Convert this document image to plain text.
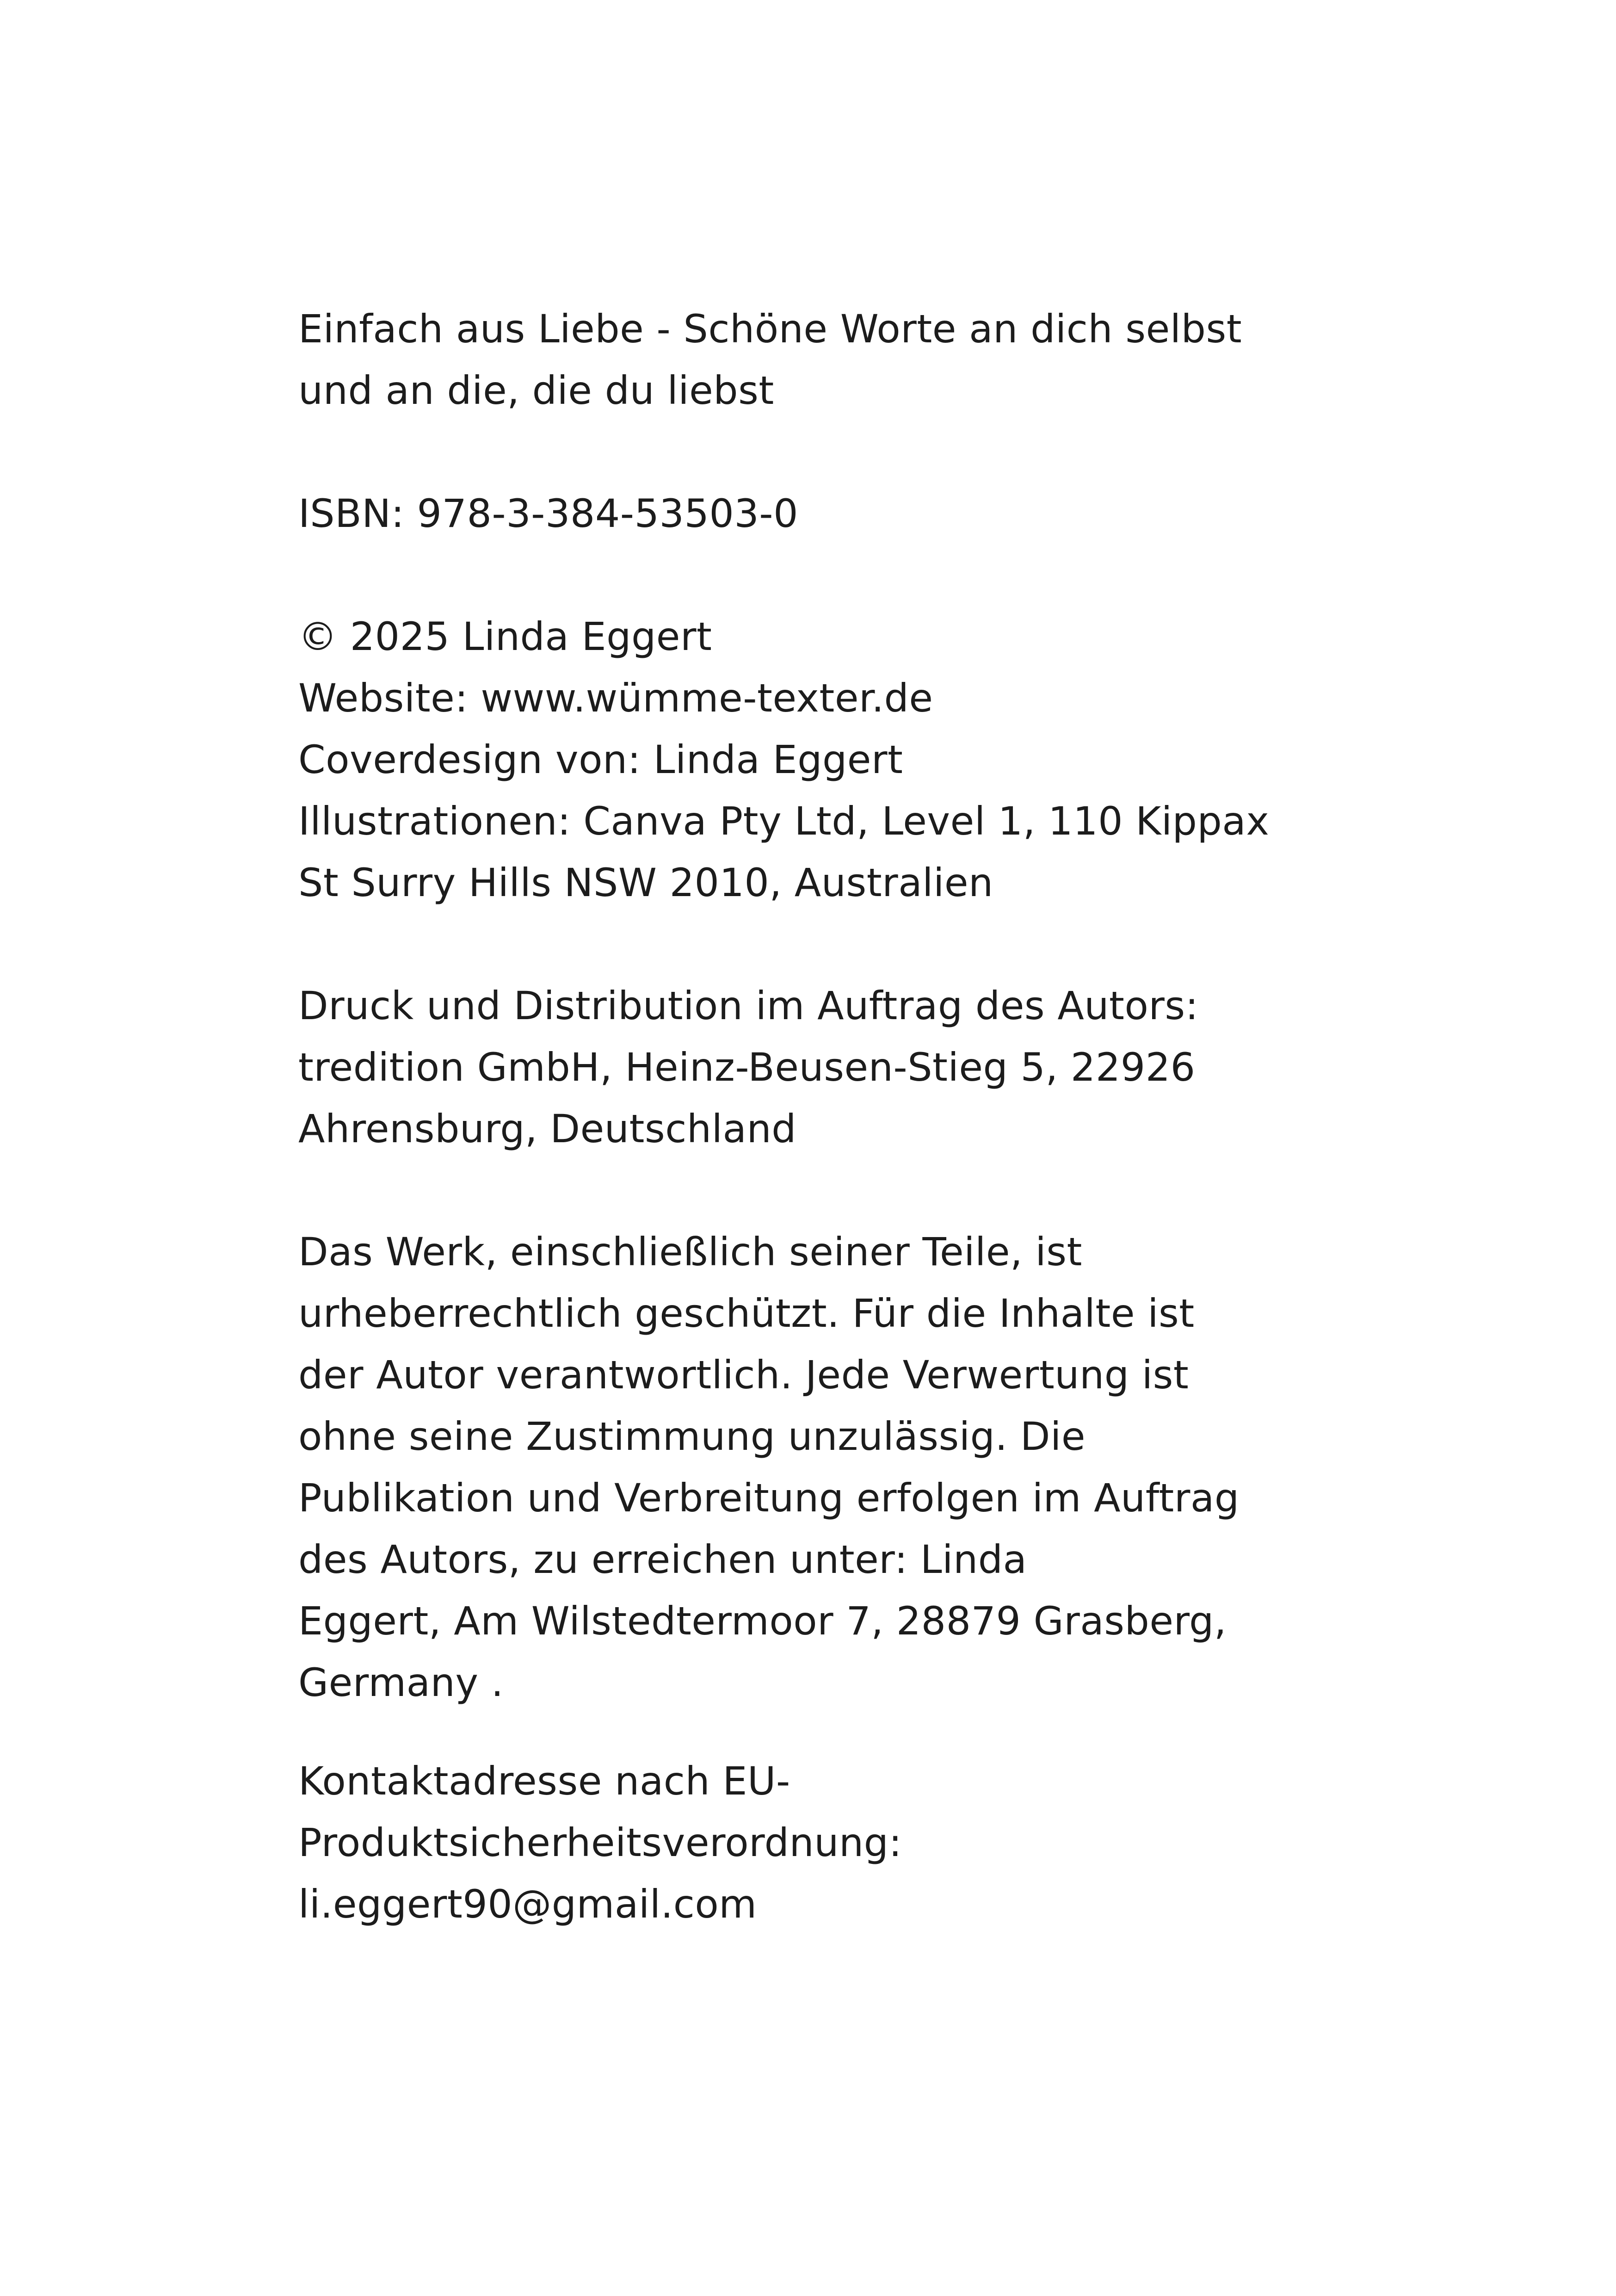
Einfach aus Liebe - Schöne Worte an dich selbst
und an die, die du liebst
ISBN: 978-3-384-53503-0
© 2025 Linda Eggert
Website: www.wümme-texter.de
Coverdesign von: Linda Eggert
Illustrationen: Canva Pty Ltd, Level 1, 110 Kippax
St Surry Hills NSW 2010, Australien
Druck und Distribution im Auftrag des Autors:
tredition GmbH, Heinz-Beusen-Stieg 5, 22926
Ahrensburg, Deutschland
Das Werk, einschließlich seiner Teile, ist
urheberrechtlich geschützt. Für die Inhalte ist
der Autor verantwortlich. Jede Verwertung ist
ohne seine Zustimmung unzulässig. Die
Publikation und Verbreitung erfolgen im Auftrag
des Autors, zu erreichen unter: Linda
Eggert, Am Wilstedtermoor 7, 28879 Grasberg,
Germany .
Kontaktadresse nach EU-
Produktsicherheitsverordnung:
li.eggert90@gmail.com
